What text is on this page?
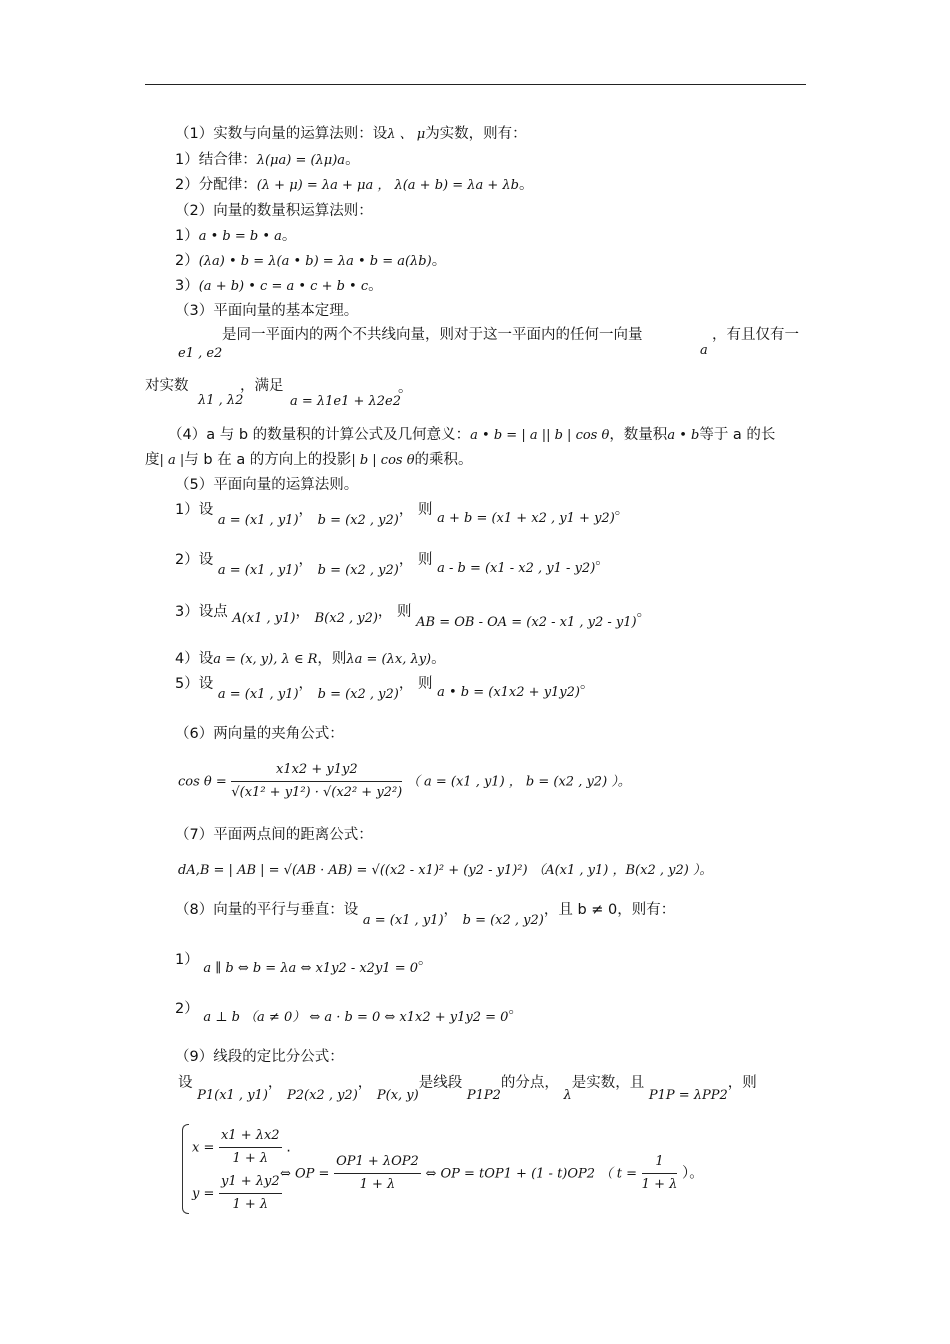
（1）实数与向量的运算法则：设λ 、 μ为实数，则有：
1）结合律：λ(μa) = (λμ)a。
2）分配律：(λ + μ) = λa + μa ， λ(a + b) = λa + λb。
（2）向量的数量积运算法则：
1）a • b = b • a。
2）(λa) • b = λ(a • b) = λa • b = a(λb)。
3）(a + b) • c = a • c + b • c。
（3）平面向量的基本定理。
e1 , e2
是同一平面内的两个不共线向量，则对于这一平面内的任何一向量
a
，有且仅有一
对实数
λ1 , λ2
，满足
a = λ1e1 + λ2e2
。
（4）a 与 b 的数量积的计算公式及几何意义：a • b = | a || b | cos θ，数量积a • b等于 a 的长
度| a |与 b 在 a 的方向上的投影| b | cos θ的乘积。
（5）平面向量的运算法则。
1）设 a = (x1 , y1)， b = (x2 , y2)， 则 a + b = (x1 + x2 , y1 + y2)。
2）设 a = (x1 , y1)， b = (x2 , y2)， 则 a - b = (x1 - x2 , y1 - y2)。
3）设点 A(x1 , y1)， B(x2 , y2)， 则 AB = OB - OA = (x2 - x1 , y2 - y1)。
4）设a = (x, y), λ ∈ R，则λa = (λx, λy)。
5）设 a = (x1 , y1)， b = (x2 , y2)， 则 a • b = (x1x2 + y1y2)。
（6）两向量的夹角公式：
$\cos \theta = \frac{x1x2 + y1y2}{\text{√(x1² + y1²) · √(x2² + y2²)}}$ （ a = (x1 , y1) ， b = (x2 , y2) ）。
（7）平面两点间的距离公式：
dA,B = | AB | = √(AB · AB) = √((x2 - x1)² + (y2 - y1)²) （A(x1 , y1) ，B(x2 , y2) ）。
（8）向量的平行与垂直：设 a = (x1 , y1)， b = (x2 , y2)，且 b ≠ 0，则有：
1） a ∥ b ⇔ b = λa ⇔ x1y2 - x2y1 = 0。
2） a ⊥ b （a ≠ 0） ⇔ a · b = 0 ⇔ x1x2 + y1y2 = 0。
（9）线段的定比分公式：
设 P1(x1 , y1)， P2(x2 , y2)， P(x, y)是线段 P1P2的分点， λ是实数，且 P1P = λPP2，则
$x = \frac{x1 + \lambda x2}{1 + \lambda}$ .
$y = \frac{y1 + \lambda y2}{1 + \lambda}$
⇔ OP = $\frac{\text{OP1 + λOP2}}{1 + \lambda}$ ⇔ OP = tOP1 + (1 - t)OP2 （ $t = \frac{1}{1 + \lambda}$ ）。
